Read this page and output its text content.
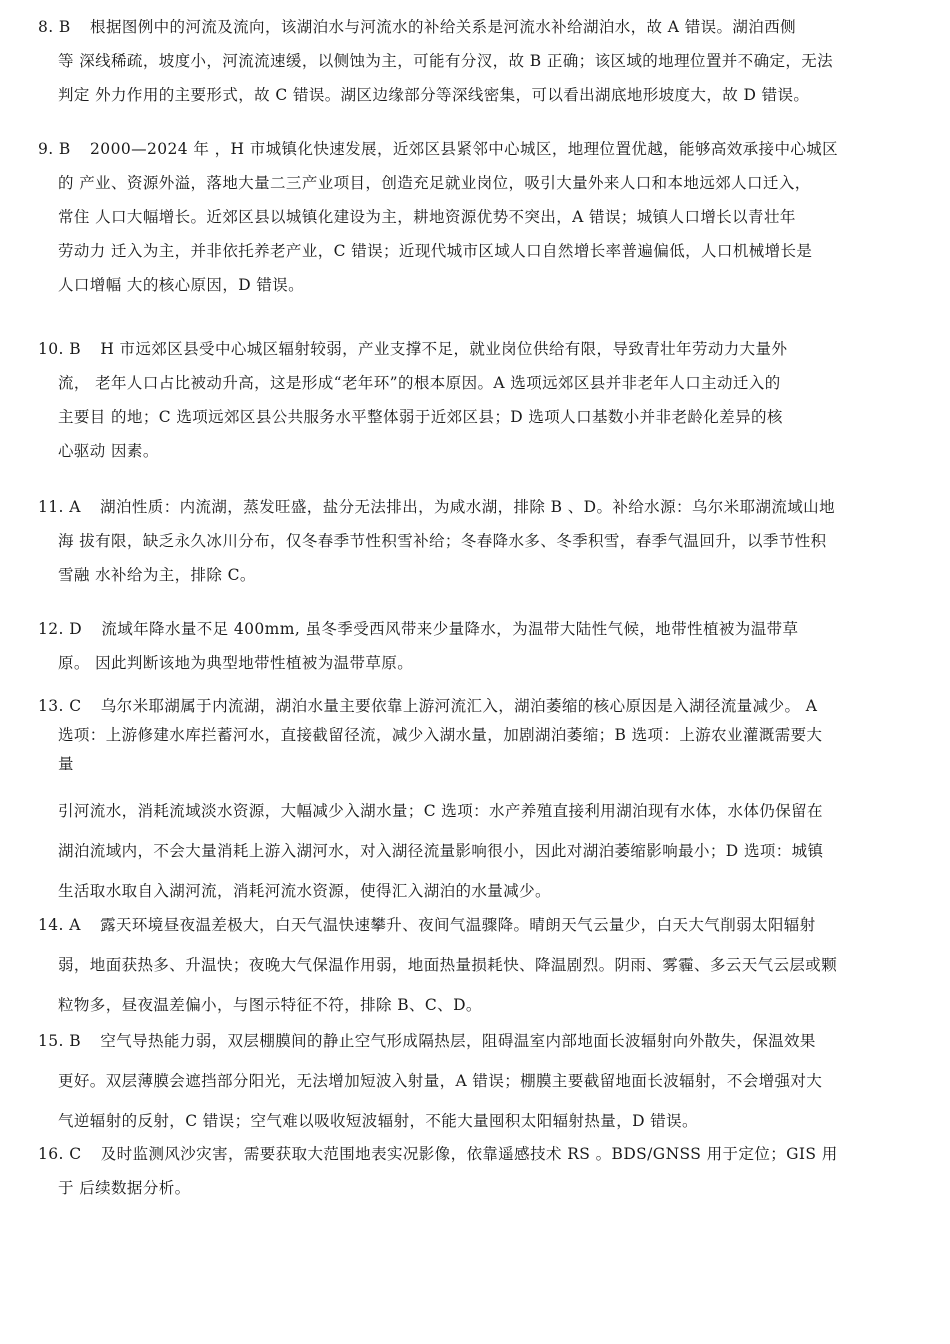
8. B 根据图例中的河流及流向，该湖泊水与河流水的补给关系是河流水补给湖泊水，故 A 错误。湖泊西侧
等 深线稀疏，坡度小，河流流速缓，以侧蚀为主，可能有分汊，故 B 正确；该区域的地理位置并不确定，无法
判定 外力作用的主要形式，故 C 错误。湖区边缘部分等深线密集，可以看出湖底地形坡度大，故 D 错误。
9. B 2000—2024 年 ，H 市城镇化快速发展，近郊区县紧邻中心城区，地理位置优越，能够高效承接中心城区
的 产业、资源外溢，落地大量二三产业项目，创造充足就业岗位，吸引大量外来人口和本地远郊人口迁入，
常住 人口大幅增长。近郊区县以城镇化建设为主，耕地资源优势不突出，A 错误；城镇人口增长以青壮年
劳动力 迁入为主，并非依托养老产业，C 错误；近现代城市区域人口自然增长率普遍偏低，人口机械增长是
人口增幅 大的核心原因，D 错误。
10. B H 市远郊区县受中心城区辐射较弱，产业支撑不足，就业岗位供给有限，导致青壮年劳动力大量外
流， 老年人口占比被动升高，这是形成“老年环”的根本原因。A 选项远郊区县并非老年人口主动迁入的
主要目 的地；C 选项远郊区县公共服务水平整体弱于近郊区县；D 选项人口基数小并非老龄化差异的核
心驱动 因素。
11. A 湖泊性质：内流湖，蒸发旺盛，盐分无法排出，为咸水湖，排除 B 、D。补给水源：乌尔米耶湖流域山地
海 拔有限，缺乏永久冰川分布，仅冬春季节性积雪补给；冬春降水多、冬季积雪，春季气温回升，以季节性积
雪融 水补给为主，排除 C。
12. D 流域年降水量不足 400mm, 虽冬季受西风带来少量降水，为温带大陆性气候，地带性植被为温带草
原。 因此判断该地为典型地带性植被为温带草原。
13. C 乌尔米耶湖属于内流湖，湖泊水量主要依靠上游河流汇入，湖泊萎缩的核心原因是入湖径流量减少。 A
选项：上游修建水库拦蓄河水，直接截留径流，减少入湖水量，加剧湖泊萎缩；B 选项：上游农业灌溉需要大
量
引河流水，消耗流域淡水资源，大幅减少入湖水量；C 选项：水产养殖直接利用湖泊现有水体，水体仍保留在
湖泊流域内，不会大量消耗上游入湖河水，对入湖径流量影响很小，因此对湖泊萎缩影响最小；D 选项：城镇
生活取水取自入湖河流，消耗河流水资源，使得汇入湖泊的水量减少。
14. A 露天环境昼夜温差极大，白天气温快速攀升、夜间气温骤降。晴朗天气云量少，白天大气削弱太阳辐射
弱，地面获热多、升温快；夜晚大气保温作用弱，地面热量损耗快、降温剧烈。阴雨、雾霾、多云天气云层或颗
粒物多，昼夜温差偏小，与图示特征不符，排除 B、C、D。
15. B 空气导热能力弱，双层棚膜间的静止空气形成隔热层，阻碍温室内部地面长波辐射向外散失，保温效果
更好。双层薄膜会遮挡部分阳光，无法增加短波入射量，A 错误；棚膜主要截留地面长波辐射，不会增强对大
气逆辐射的反射，C 错误；空气难以吸收短波辐射，不能大量囤积太阳辐射热量，D 错误。
16. C 及时监测风沙灾害，需要获取大范围地表实况影像，依靠遥感技术 RS 。BDS/GNSS 用于定位；GIS 用
于 后续数据分析。
